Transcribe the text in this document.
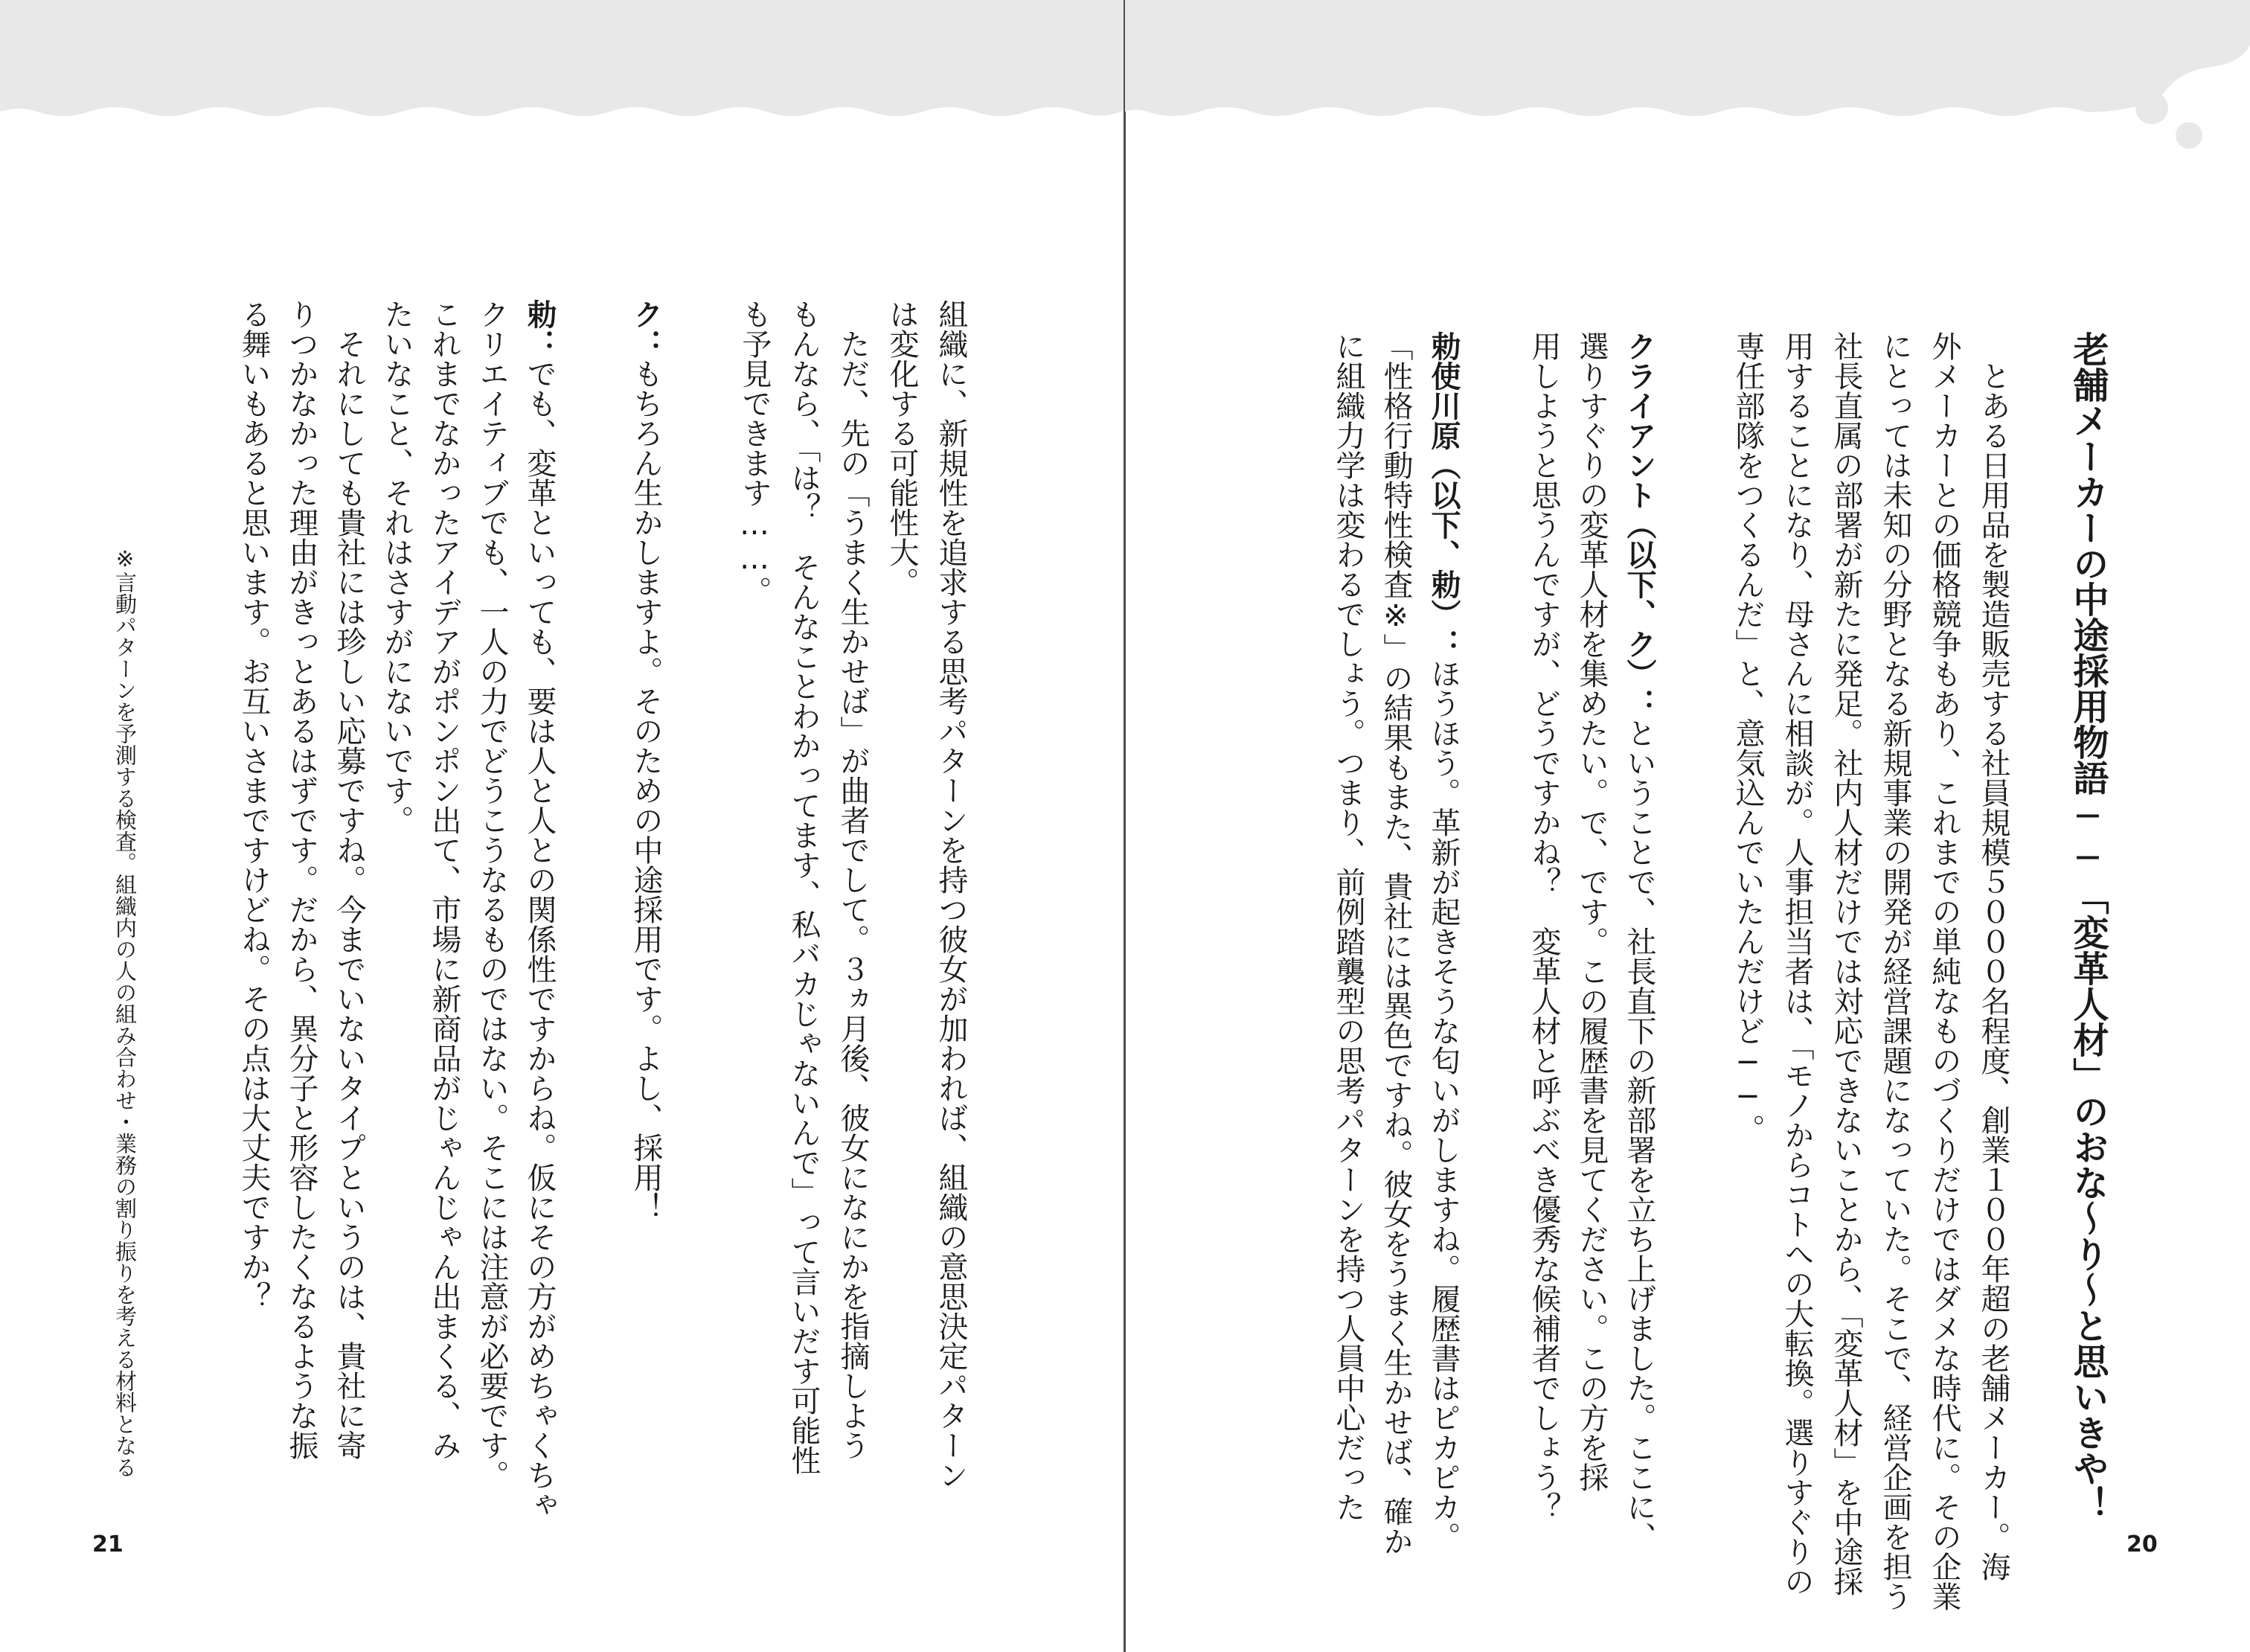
組織に、新規性を追求する思考パターンを持つ彼女が加われば、組織の意思決定パターン
は変化する可能性大。
　ただ、先の「うまく生かせば」が曲者でして。３ヵ月後、彼女になにかを指摘しよう
もんなら、「は？　そんなことわかってます、私バカじゃないんで」って言いだす可能性
も予見できます……。
ク：もちろん生かしますよ。そのための中途採用です。よし、採用！
勅：でも、変革といっても、要は人と人との関係性ですからね。仮にその方がめちゃくちゃ
クリエイティブでも、一人の力でどうこうなるものではない。そこには注意が必要です。
これまでなかったアイデアがポンポン出て、市場に新商品がじゃんじゃん出まくる、み
たいなこと、それはさすがにないです。
　それにしても貴社には珍しい応募ですね。今までいないタイプというのは、貴社に寄
りつかなかった理由がきっとあるはずです。だから、異分子と形容したくなるような振
る舞いもあると思います。お互いさまですけどね。その点は大丈夫ですか？
※言動パターンを予測する検査。組織内の人の組み合わせ・業務の割り振りを考える材料となる
21
老舗メーカーの中途採用物語──「変革人材」のおな～り～と思いきや！
　とある日用品を製造販売する社員規模５０００名程度、創業１００年超の老舗メーカー。海
外メーカーとの価格競争もあり、これまでの単純なものづくりだけではダメな時代に。その企業
にとっては未知の分野となる新規事業の開発が経営課題になっていた。そこで、経営企画を担う
社長直属の部署が新たに発足。社内人材だけでは対応できないことから、「変革人材」を中途採
用することになり、母さんに相談が。人事担当者は、「モノからコトへの大転換。選りすぐりの
専任部隊をつくるんだ」と、意気込んでいたんだけど──。
クライアント（以下、ク）：ということで、社長直下の新部署を立ち上げました。ここに、
選りすぐりの変革人材を集めたい。で、です。この履歴書を見てください。この方を採
用しようと思うんですが、どうですかね？　変革人材と呼ぶべき優秀な候補者でしょう？
勅使川原（以下、勅）：ほうほう。革新が起きそうな匂いがしますね。履歴書はピカピカ。
「性格行動特性検査※」の結果もまた、貴社には異色ですね。彼女をうまく生かせば、確か
に組織力学は変わるでしょう。つまり、前例踏襲型の思考パターンを持つ人員中心だった
20
